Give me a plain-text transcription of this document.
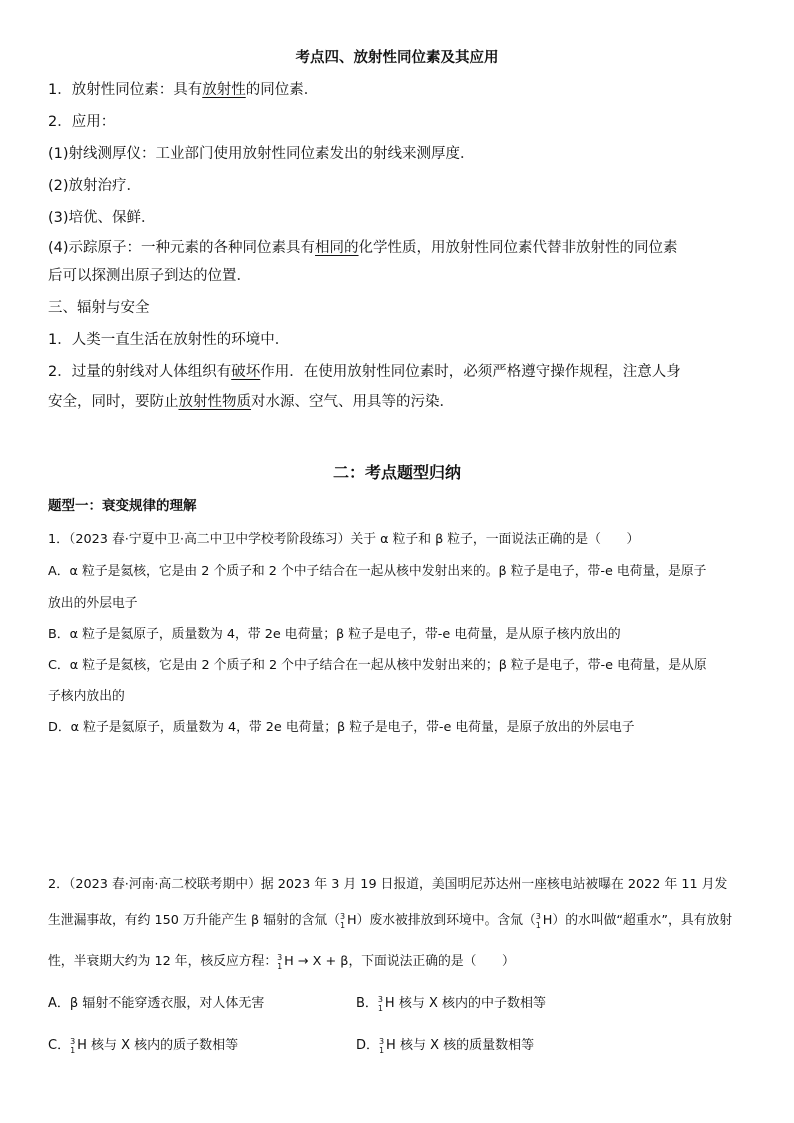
考点四、放射性同位素及其应用
1．放射性同位素：具有放射性的同位素．
2．应用：
(1)射线测厚仪：工业部门使用放射性同位素发出的射线来测厚度．
(2)放射治疗．
(3)培优、保鲜．
(4)示踪原子：一种元素的各种同位素具有相同的化学性质，用放射性同位素代替非放射性的同位素
后可以探测出原子到达的位置．
三、辐射与安全
1．人类一直生活在放射性的环境中．
2．过量的射线对人体组织有破坏作用．在使用放射性同位素时，必须严格遵守操作规程，注意人身
安全，同时，要防止放射性物质对水源、空气、用具等的污染．
二：考点题型归纳
题型一：衰变规律的理解
1．（2023 春·宁夏中卫·高二中卫中学校考阶段练习）关于 α 粒子和 β 粒子，一面说法正确的是（　　）
A．α 粒子是氦核，它是由 2 个质子和 2 个中子结合在一起从核中发射出来的。β 粒子是电子，带-e 电荷量，是原子
放出的外层电子
B．α 粒子是氦原子，质量数为 4，带 2e 电荷量；β 粒子是电子，带-e 电荷量，是从原子核内放出的
C．α 粒子是氦核，它是由 2 个质子和 2 个中子结合在一起从核中发射出来的；β 粒子是电子，带-e 电荷量，是从原
子核内放出的
D．α 粒子是氦原子，质量数为 4，带 2e 电荷量；β 粒子是电子，带-e 电荷量，是原子放出的外层电子
2．（2023 春·河南·高二校联考期中）据 2023 年 3 月 19 日报道，美国明尼苏达州一座核电站被曝在 2022 年 11 月发
生泄漏事故，有约 150 万升能产生 β 辐射的含氚（ 3
1 H）废水被排放到环境中。含氚（ 3
1 H）的水叫做“超重水”，具有放射
性，半衰期大约为 12 年，核反应方程： 3
1 H → X + β，下面说法正确的是（　　）
A．β 辐射不能穿透衣服，对人体无害	B． 3
1 H 核与 X 核内的中子数相等
C． 3
1 H 核与 X 核内的质子数相等	D． 3
1 H 核与 X 核的质量数相等
